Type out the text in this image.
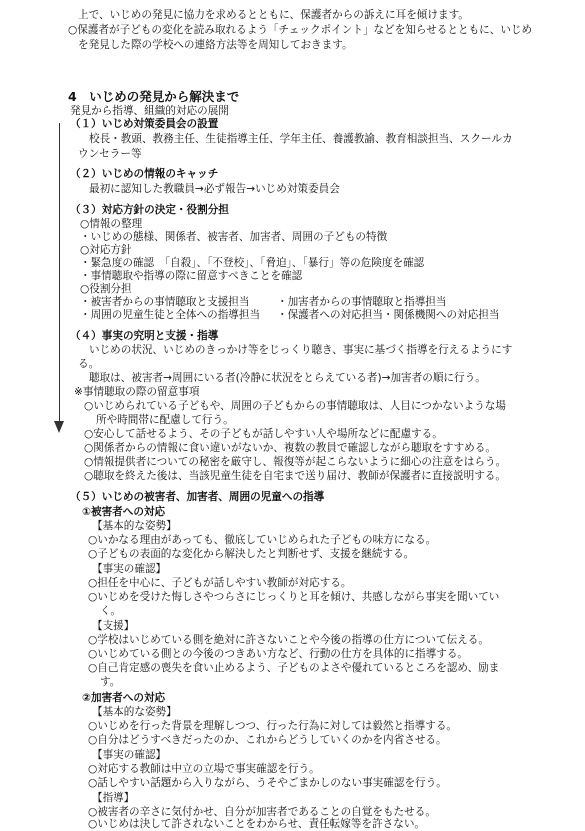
上で、いじめの発見に協力を求めるとともに、保護者からの訴えに耳を傾けます。
○保護者が子どもの変化を読み取れるよう「チェックポイント」などを知らせるとともに、いじめ
を発見した際の学校への連絡方法等を周知しておきます。
4　いじめの発見から解決まで
発見から指導、組織的対応の展開
（１）いじめ対策委員会の設置
校長・教頭、教務主任、生徒指導主任、学年主任、養護教諭、教育相談担当、スクールカ
ウンセラー等
（２）いじめの情報のキャッチ
最初に認知した教職員→必ず報告→いじめ対策委員会
（３）対応方針の決定・役割分担
○情報の整理
・いじめの態様、関係者、被害者、加害者、周囲の子どもの特徴
○対応方針
・緊急度の確認　「自殺」、「不登校」、「脅迫」、「暴行」等の危険度を確認
・事情聴取や指導の際に留意すべきことを確認
○役割分担
・被害者からの事情聴取と支援担当	・加害者からの事情聴取と指導担当
・周囲の児童生徒と全体への指導担当 ・保護者への対応担当・関係機関への対応担当
（４）事実の究明と支援・指導
いじめの状況、いじめのきっかけ等をじっくり聴き、事実に基づく指導を行えるようにす
る。
聴取は、被害者→周囲にいる者(冷静に状況をとらえている者)→加害者の順に行う。
※事情聴取の際の留意事項
○いじめられている子どもや、周囲の子どもからの事情聴取は、人目につかないような場
所や時間帯に配慮して行う。
○安心して話せるよう、その子どもが話しやすい人や場所などに配慮する。
○関係者からの情報に食い違いがないか、複数の教員で確認しながら聴取をすすめる。
○情報提供者についての秘密を厳守し、報復等が起こらないように細心の注意をはらう。
○聴取を終えた後は、当該児童生徒を自宅まで送り届け、教師が保護者に直接説明する。
（５）いじめの被害者、加害者、周囲の児童への指導
①被害者への対応
【基本的な姿勢】
○いかなる理由があっても、徹底していじめられた子どもの味方になる。
○子どもの表面的な変化から解決したと判断せず、支援を継続する。
【事実の確認】
○担任を中心に、子どもが話しやすい教師が対応する。
○いじめを受けた悔しさやつらさにじっくりと耳を傾け、共感しながら事実を聞いてい
く。
【支援】
○学校はいじめている側を絶対に許さないことや今後の指導の仕方について伝える。
○いじめている側との今後のつきあい方など、行動の仕方を具体的に指導する。
○自己肯定感の喪失を食い止めるよう、子どものよさや優れているところを認め、励ま
す。
②加害者への対応
【基本的な姿勢】
○いじめを行った背景を理解しつつ、行った行為に対しては毅然と指導する。
○自分はどうすべきだったのか、これからどうしていくのかを内省させる。
【事実の確認】
○対応する教師は中立の立場で事実確認を行う。
○話しやすい話題から入りながら、うそやごまかしのない事実確認を行う。
【指導】
○被害者の辛さに気付かせ、自分が加害者であることの自覚をもたせる。
○いじめは決して許されないことをわからせ、責任転嫁等を許さない。
